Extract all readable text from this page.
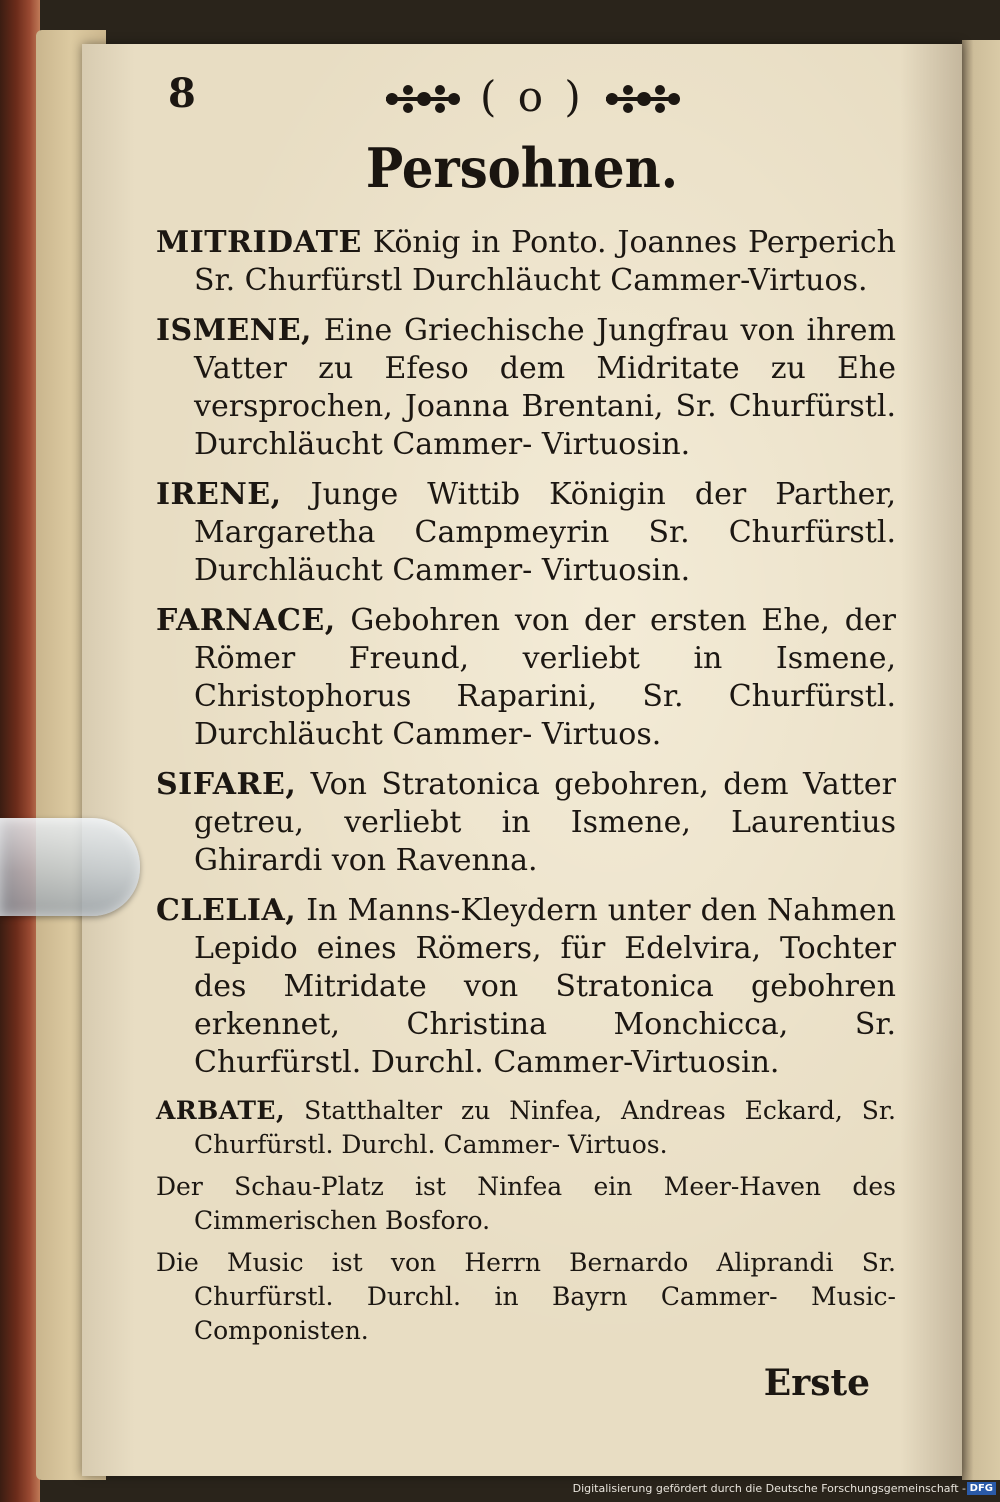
8	( o )
Persohnen.

MITRIDATE König in Ponto. Joannes Perperich Sr. Churfürstl Durchläucht Cammer-Virtuos.

ISMENE, Eine Griechische Jungfrau von ihrem Vatter zu Efeso dem Midritate zu Ehe versprochen, Joanna Brentani, Sr. Churfürstl. Durchläucht Cammer- Virtuosin.

IRENE, Junge Wittib Königin der Parther, Margaretha Campmeyrin Sr. Churfürstl. Durchläucht Cammer- Virtuosin.

FARNACE, Gebohren von der ersten Ehe, der Römer Freund, verliebt in Ismene, Christophorus Raparini, Sr. Churfürstl. Durchläucht Cammer- Virtuos.

SIFARE, Von Stratonica gebohren, dem Vatter getreu, verliebt in Ismene, Laurentius Ghirardi von Ravenna.

CLELIA, In Manns-Kleydern unter den Nahmen Lepido eines Römers, für Edelvira, Tochter des Mitridate von Stratonica gebohren erkennet, Christina Monchicca, Sr. Churfürstl. Durchl. Cammer-Virtuosin.

ARBATE, Statthalter zu Ninfea, Andreas Eckard, Sr. Churfürstl. Durchl. Cammer- Virtuos.

Der Schau-Platz ist Ninfea ein Meer-Haven des Cimmerischen Bosforo.

Die Music ist von Herrn Bernardo Aliprandi Sr. Churfürstl. Durchl. in Bayrn Cammer- Music- Componisten.

Erste
Digitalisierung gefördert durch die Deutsche Forschungsgemeinschaft - DFG
